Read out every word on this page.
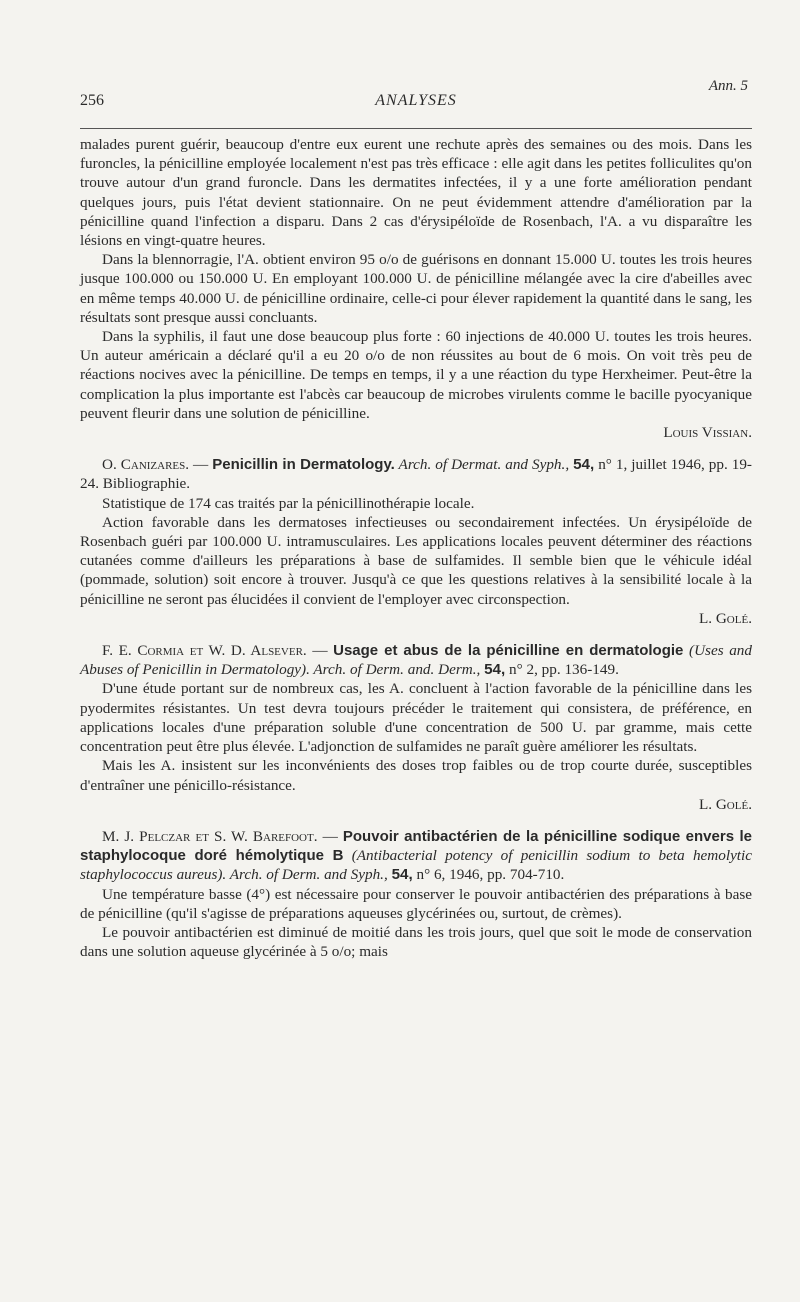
Ann. 5
256	ANALYSES

malades purent guérir, beaucoup d'entre eux eurent une rechute après des semaines ou des mois. Dans les furoncles, la pénicilline employée localement n'est pas très efficace : elle agit dans les petites folliculites qu'on trouve autour d'un grand furoncle. Dans les dermatites infectées, il y a une forte amélioration pendant quelques jours, puis l'état devient stationnaire. On ne peut évidemment attendre d'amélioration par la pénicilline quand l'infection a disparu. Dans 2 cas d'érysipéloïde de Rosenbach, l'A. a vu disparaître les lésions en vingt-quatre heures.

Dans la blennorragie, l'A. obtient environ 95 o/o de guérisons en donnant 15.000 U. toutes les trois heures jusque 100.000 ou 150.000 U. En employant 100.000 U. de pénicilline mélangée avec la cire d'abeilles avec en même temps 40.000 U. de pénicilline ordinaire, celle-ci pour élever rapidement la quantité dans le sang, les résultats sont presque aussi concluants.

Dans la syphilis, il faut une dose beaucoup plus forte : 60 injections de 40.000 U. toutes les trois heures. Un auteur américain a déclaré qu'il a eu 20 o/o de non réussites au bout de 6 mois. On voit très peu de réactions nocives avec la pénicilline. De temps en temps, il y a une réaction du type Herxheimer. Peut-être la complication la plus importante est l'abcès car beaucoup de microbes virulents comme le bacille pyocyanique peuvent fleurir dans une solution de pénicilline.

Louis Vissian.

O. Canizares. — Penicillin in Dermatology. Arch. of Dermat. and Syph., 54, n° 1, juillet 1946, pp. 19-24. Bibliographie.

Statistique de 174 cas traités par la pénicillinothérapie locale.

Action favorable dans les dermatoses infectieuses ou secondairement infectées. Un érysipéloïde de Rosenbach guéri par 100.000 U. intramusculaires. Les applications locales peuvent déterminer des réactions cutanées comme d'ailleurs les préparations à base de sulfamides. Il semble bien que le véhicule idéal (pommade, solution) soit encore à trouver. Jusqu'à ce que les questions relatives à la sensibilité locale à la pénicilline ne seront pas élucidées il convient de l'employer avec circonspection.

L. Golé.

F. E. Cormia et W. D. Alsever. — Usage et abus de la pénicilline en dermatologie (Uses and Abuses of Penicillin in Dermatology). Arch. of Derm. and. Derm., 54, n° 2, pp. 136-149.

D'une étude portant sur de nombreux cas, les A. concluent à l'action favorable de la pénicilline dans les pyodermites résistantes. Un test devra toujours précéder le traitement qui consistera, de préférence, en applications locales d'une préparation soluble d'une concentration de 500 U. par gramme, mais cette concentration peut être plus élevée. L'adjonction de sulfamides ne paraît guère améliorer les résultats.

Mais les A. insistent sur les inconvénients des doses trop faibles ou de trop courte durée, susceptibles d'entraîner une pénicillo-résistance.

L. Golé.

M. J. Pelczar et S. W. Barefoot. — Pouvoir antibactérien de la pénicilline sodique envers le staphylocoque doré hémolytique B (Antibacterial potency of penicillin sodium to beta hemolytic staphylococcus aureus). Arch. of Derm. and Syph., 54, n° 6, 1946, pp. 704-710.

Une température basse (4°) est nécessaire pour conserver le pouvoir antibactérien des préparations à base de pénicilline (qu'il s'agisse de préparations aqueuses glycérinées ou, surtout, de crèmes).

Le pouvoir antibactérien est diminué de moitié dans les trois jours, quel que soit le mode de conservation dans une solution aqueuse glycérinée à 5 o/o; mais
